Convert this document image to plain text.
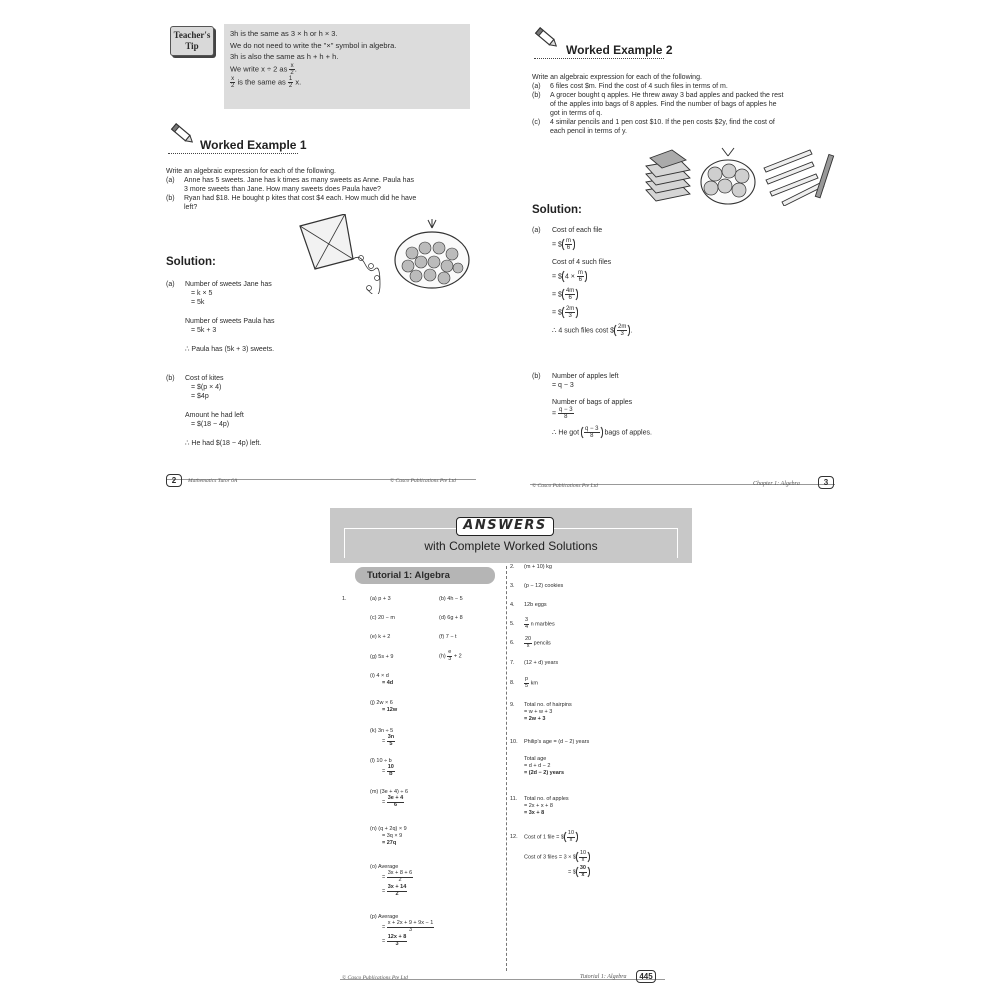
Teacher's
Tip
3h is the same as 3 × h or h × 3.
We do not need to write the "×" symbol in algebra.
3h is also the same as h + h + h.
We write x ÷ 2 as $\frac{x}{2}$ .
$\frac{x}{2}$ is the same as $\frac{1}{2} x$.
Worked Example 1
Write an algebraic expression for each of the following.
(a)	Anne has 5 sweets. Jane has k times as many sweets as Anne. Paula has
3 more sweets than Jane. How many sweets does Paula have?
(b)	Ryan had $18. He bought p kites that cost $4 each. How much did he have
left?
Solution:
(a)	Number of sweets Jane has
= k × 5
= 5k
Number of sweets Paula has
= 5k + 3
∴ Paula has (5k + 3) sweets.
(b)	Cost of kites
= $(p × 4)
= $4p
Amount he had left
= $(18 − 4p)
∴ He had $(18 − 4p) left.
2	Mathematics Tutor 6A	© Casco Publications Pte Ltd
Worked Example 2
Write an algebraic expression for each of the following.
(a)	6 files cost $m. Find the cost of 4 such files in terms of m.
(b)	A grocer bought q apples. He threw away 3 bad apples and packed the rest
of the apples into bags of 8 apples. Find the number of bags of apples he
got in terms of q.
(c)	4 similar pencils and 1 pen cost $10. If the pen costs $2y, find the cost of
each pencil in terms of y.
Solution:
(a)	Cost of each file
= $ $\frac{m}{6}$
Cost of 4 such files
= $ $4 \times \frac{m}{6}$
= $ $\frac{4m}{6}$
= $ $\frac{2m}{3}$
∴ 4 such files cost $ $\frac{2m}{3}$ .
(b)	Number of apples left
= q − 3
Number of bags of apples
= $\frac{q - 3}{8}$
∴ He got $\frac{q - 3}{8}$ bags of apples.
© Casco Publications Pte Ltd	Chapter 1: Algebra	3
ANSWERS
with Complete Worked Solutions
Tutorial 1: Algebra
1.	(a) p + 3	(b) 4h − 5
(c) 20 − m	(d) 6g + 8
(e) k + 2	(f) 7 − t
(g) 5s + 9	$(h) \frac{e}{3} + 2$
(i) 4 × d
= 4d
(j) 2w × 6
= 12w
(k) 3n ÷ 5
= $\frac{3n}{5}$
(l) 10 ÷ b
= $\frac{10}{b}$
(m) (3e + 4) ÷ 6
= $\frac{3e + 4}{6}$
(n) (q + 2q) × 9
= 3q × 9
= 27q
(o) Average
= $\frac{3x + 8 + 6}{2}$
= $\frac{3x + 14}{2}$
(p) Average
= $\frac{x + 2x + 9 + 9x - 1}{3}$
= $\frac{12x + 8}{3}$
2. (m + 10) kg
3. (p − 12) cookies
4. 12b eggs
5. $\frac{3}{4}$ n marbles
6. $\frac{20}{x}$ pencils
7. (12 + d) years
8. $\frac{p}{5}$ km
9. Total no. of hairpins
= w + w + 3
= 2w + 3
10. Philip's age = (d − 2) years
Total age
= d + d − 2
= (2d − 2) years
11. Total no. of apples
= 2x + x + 8
= 3x + 8
12. Cost of 1 file = $ $\frac{10}{x}$
Cost of 3 files = 3 × $ $\frac{10}{x}$
= $ $\frac{30}{x}$
© Casco Publications Pte Ltd	Tutorial 1: Algebra	445
